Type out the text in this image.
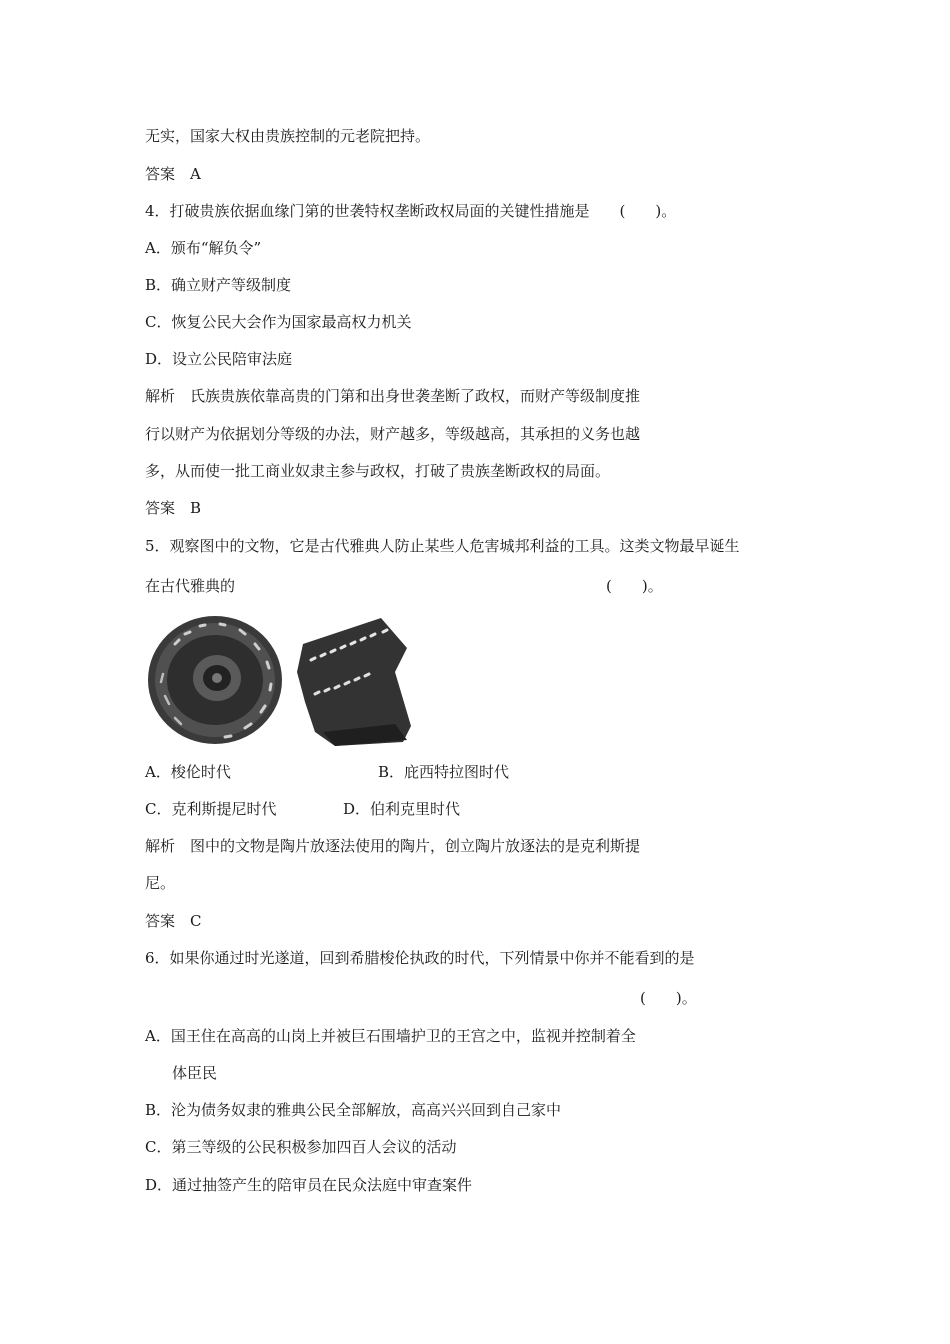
无实，国家大权由贵族控制的元老院把持。
答案　A
4．打破贵族依据血缘门第的世袭特权垄断政权局面的关键性措施是　　(　　)。
A．颁布“解负令”
B．确立财产等级制度
C．恢复公民大会作为国家最高权力机关
D．设立公民陪审法庭
解析　氏族贵族依靠高贵的门第和出身世袭垄断了政权，而财产等级制度推
行以财产为依据划分等级的办法，财产越多，等级越高，其承担的义务也越
多，从而使一批工商业奴隶主参与政权，打破了贵族垄断政权的局面。
答案　B
5．观察图中的文物，它是古代雅典人防止某些人危害城邦利益的工具。这类文物最早诞生
在古代雅典的	(　　)。
A．梭伦时代	B．庇西特拉图时代
C．克利斯提尼时代	D．伯利克里时代
解析　图中的文物是陶片放逐法使用的陶片，创立陶片放逐法的是克利斯提
尼。
答案　C
6．如果你通过时光遂道，回到希腊梭伦执政的时代，下列情景中你并不能看到的是
(　　)。
A．国王住在高高的山岗上并被巨石围墙护卫的王宫之中，监视并控制着全
体臣民
B．沦为债务奴隶的雅典公民全部解放，高高兴兴回到自己家中
C．第三等级的公民积极参加四百人会议的活动
D．通过抽签产生的陪审员在民众法庭中审查案件
